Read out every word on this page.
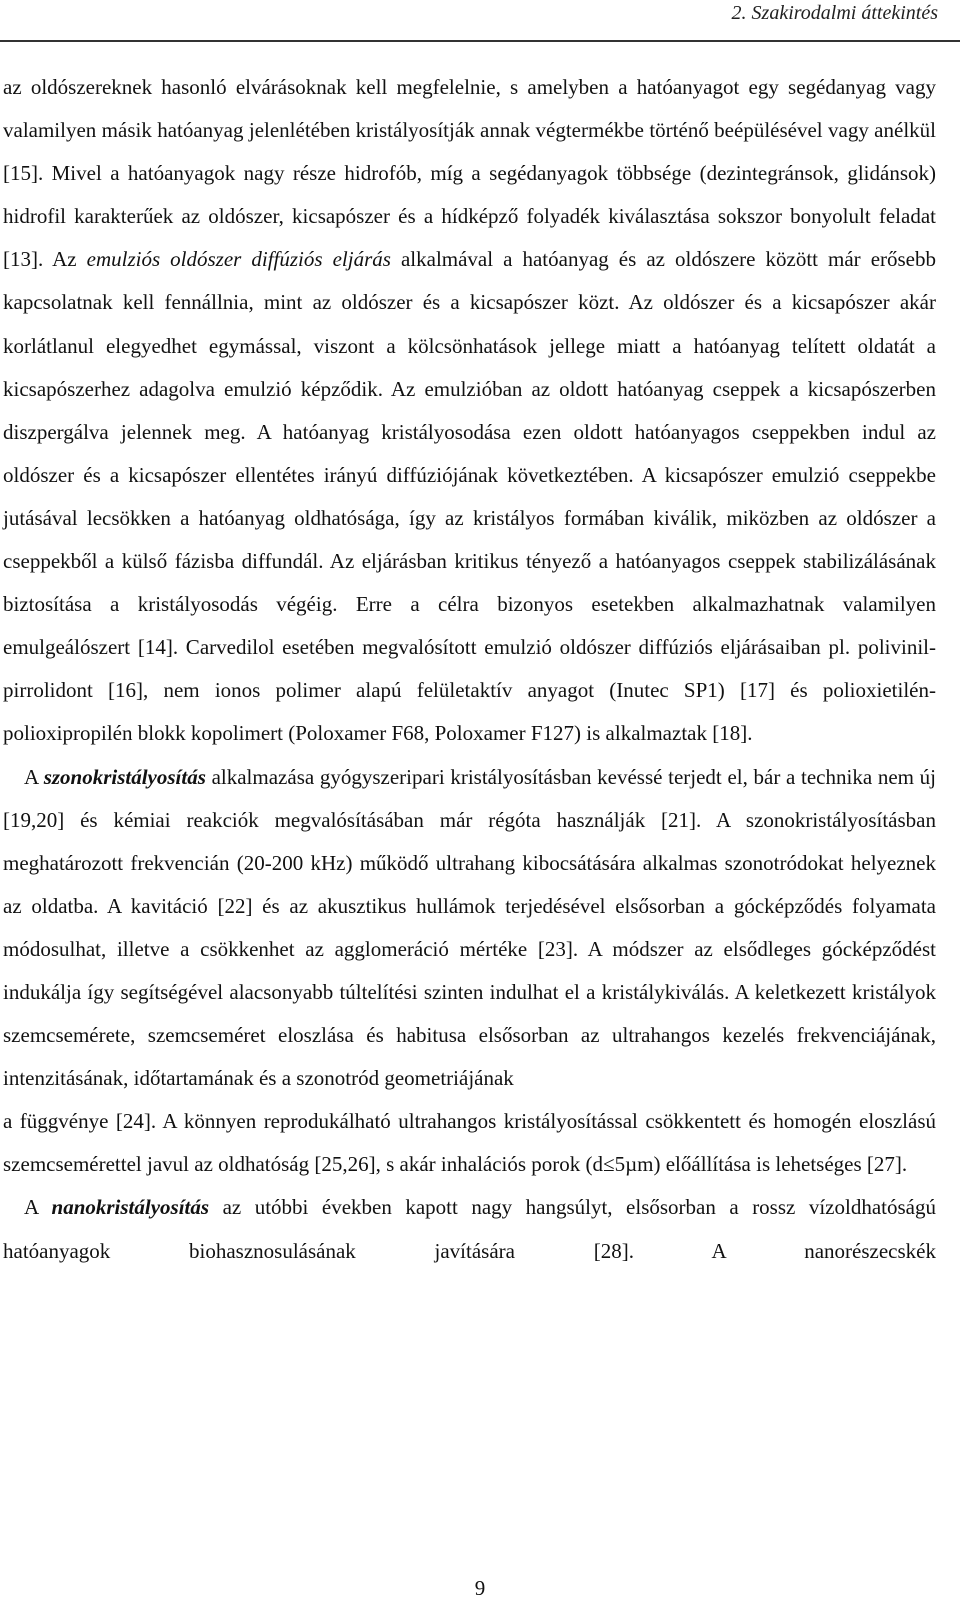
2. Szakirodalmi áttekintés

az oldószereknek hasonló elvárásoknak kell megfelelnie, s amelyben a hatóanyagot egy segédanyag vagy valamilyen másik hatóanyag jelenlétében kristályosítják annak végtermékbe történő beépülésével vagy anélkül [15]. Mivel a hatóanyagok nagy része hidrofób, míg a segédanyagok többsége (dezintegránsok, glidánsok) hidrofil karakterűek az oldószer, kicsapószer és a hídképző folyadék kiválasztása sokszor bonyolult feladat [13]. Az emulziós oldószer diffúziós eljárás alkalmával a hatóanyag és az oldószere között már erősebb kapcsolatnak kell fennállnia, mint az oldószer és a kicsapószer közt. Az oldószer és a kicsapószer akár korlátlanul elegyedhet egymással, viszont a kölcsönhatások jellege miatt a hatóanyag telített oldatát a kicsapószerhez adagolva emulzió képződik. Az emulzióban az oldott hatóanyag cseppek a kicsapószerben diszpergálva jelennek meg. A hatóanyag kristályosodása ezen oldott hatóanyagos cseppekben indul az oldószer és a kicsapószer ellentétes irányú diffúziójának következtében. A kicsapószer emulzió cseppekbe jutásával lecsökken a hatóanyag oldhatósága, így az kristályos formában kiválik, miközben az oldószer a cseppekből a külső fázisba diffundál. Az eljárásban kritikus tényező a hatóanyagos cseppek stabilizálásának biztosítása a kristályosodás végéig. Erre a célra bizonyos esetekben alkalmazhatnak valamilyen emulgeálószert [14]. Carvedilol esetében megvalósított emulzió oldószer diffúziós eljárásaiban pl. polivinil-pirrolidont [16], nem ionos polimer alapú felületaktív anyagot (Inutec SP1) [17] és polioxietilén-polioxipropilén blokk kopolimert (Poloxamer F68, Poloxamer F127) is alkalmaztak [18].

A szonokristályosítás alkalmazása gyógyszeripari kristályosításban kevéssé terjedt el, bár a technika nem új [19,20] és kémiai reakciók megvalósításában már régóta használják [21]. A szonokristályosításban meghatározott frekvencián (20-200 kHz) működő ultrahang kibocsátására alkalmas szonotródokat helyeznek az oldatba. A kavitáció [22] és az akusztikus hullámok terjedésével elsősorban a gócképződés folyamata módosulhat, illetve a csökkenhet az agglomeráció mértéke [23]. A módszer az elsődleges gócképződést indukálja így segítségével alacsonyabb túltelítési szinten indulhat el a kristálykiválás. A keletkezett kristályok szemcsemérete, szemcseméret eloszlása és habitusa elsősorban az ultrahangos kezelés frekvenciájának, intenzitásának, időtartamának és a szonotród geometriájának

a függvénye [24]. A könnyen reprodukálható ultrahangos kristályosítással csökkentett és homogén eloszlású szemcsemérettel javul az oldhatóság [25,26], s akár inhalációs porok (d≤5µm) előállítása is lehetséges [27].

A nanokristályosítás az utóbbi években kapott nagy hangsúlyt, elsősorban a rossz vízoldhatóságú hatóanyagok biohasznosulásának javítására [28]. A nanorészecskék

9
